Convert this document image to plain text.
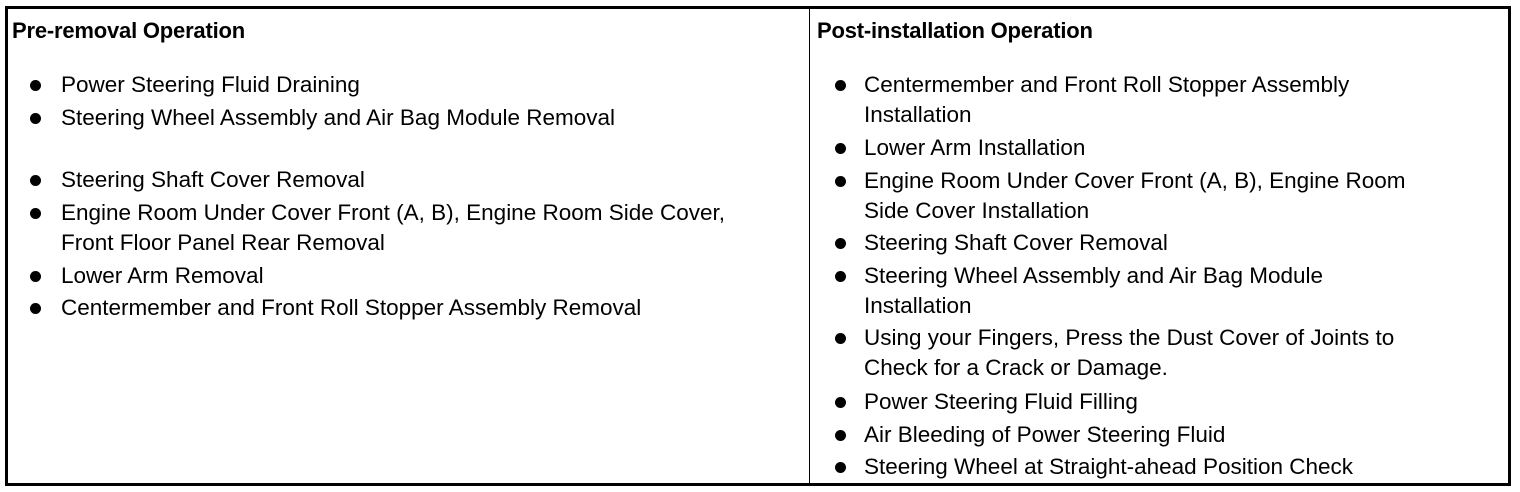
Pre-removal Operation
Power Steering Fluid Draining
Steering Wheel Assembly and Air Bag Module Removal
Steering Shaft Cover Removal
Engine Room Under Cover Front (A, B), Engine Room Side Cover,
Front Floor Panel Rear Removal
Lower Arm Removal
Centermember and Front Roll Stopper Assembly Removal
Post-installation Operation
Centermember and Front Roll Stopper Assembly
Installation
Lower Arm Installation
Engine Room Under Cover Front (A, B), Engine Room
Side Cover Installation
Steering Shaft Cover Removal
Steering Wheel Assembly and Air Bag Module
Installation
Using your Fingers, Press the Dust Cover of Joints to
Check for a Crack or Damage.
Power Steering Fluid Filling
Air Bleeding of Power Steering Fluid
Steering Wheel at Straight-ahead Position Check
